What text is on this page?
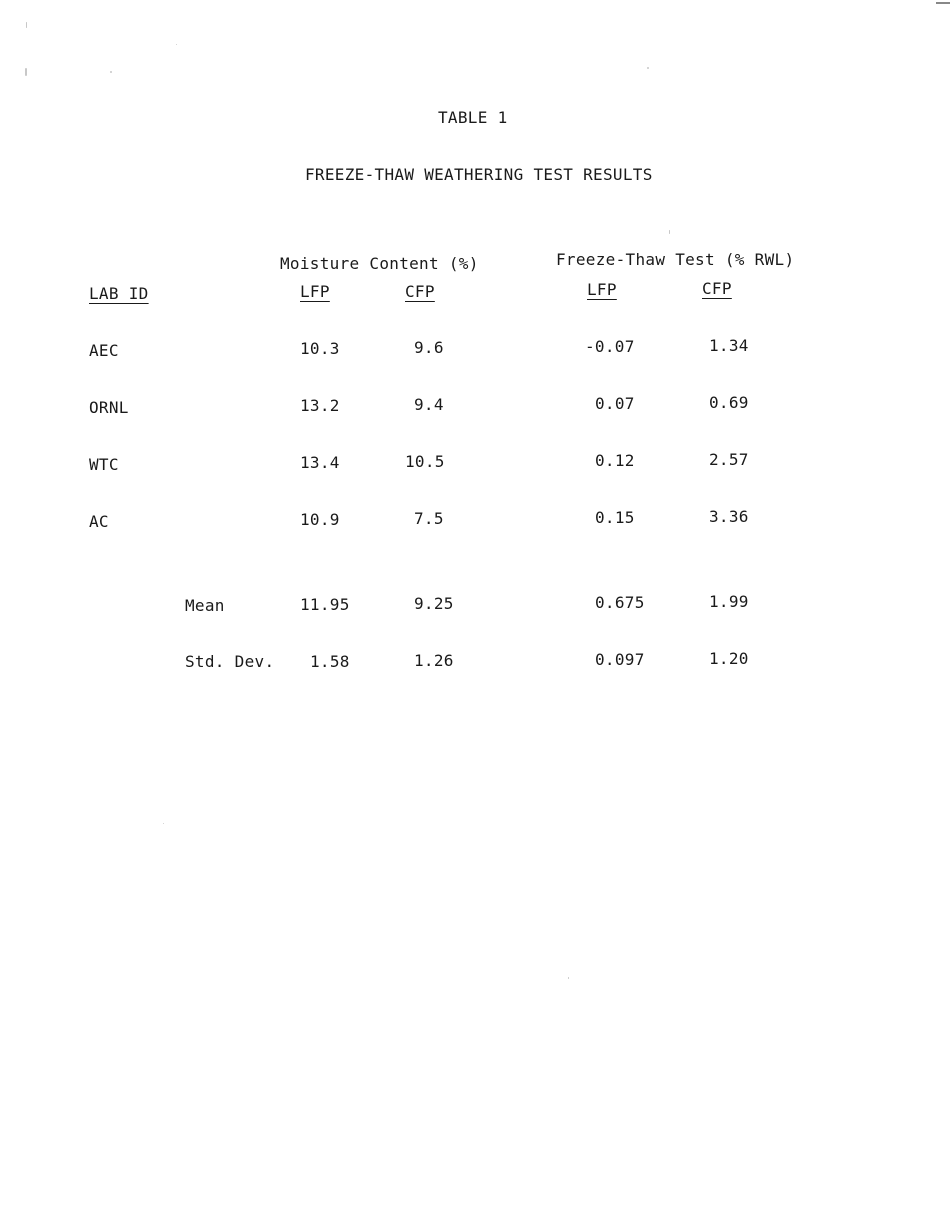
TABLE 1
FREEZE-THAW WEATHERING TEST RESULTS
Moisture Content (%)	Freeze-Thaw Test (% RWL)
LAB ID	LFP	CFP	LFP	CFP
AEC	10.3	9.6	-0.07	1.34
ORNL	13.2	9.4	0.07	0.69
WTC	13.4	10.5	0.12	2.57
AC	10.9	7.5	0.15	3.36
Mean	11.95	9.25	0.675	1.99
Std. Dev. 1.58	1.26	0.097	1.20
